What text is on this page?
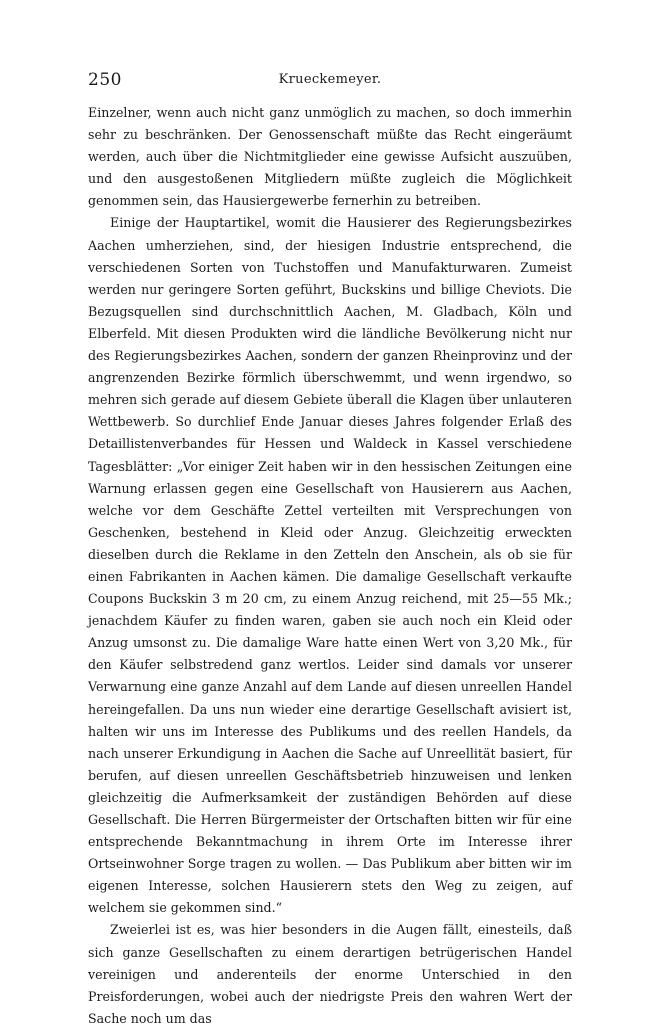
250	Krueckemeyer.

Einzelner, wenn auch nicht ganz unmöglich zu machen, so doch immerhin sehr zu beschränken. Der Genossenschaft müßte das Recht eingeräumt werden, auch über die Nichtmitglieder eine gewisse Aufsicht auszuüben, und den ausgestoßenen Mitgliedern müßte zugleich die Möglichkeit genommen sein, das Hausiergewerbe fernerhin zu betreiben.

Einige der Hauptartikel, womit die Hausierer des Regierungsbezirkes Aachen umherziehen, sind, der hiesigen Industrie entsprechend, die verschiedenen Sorten von Tuchstoffen und Manufakturwaren. Zumeist werden nur geringere Sorten geführt, Buckskins und billige Cheviots. Die Bezugsquellen sind durchschnittlich Aachen, M. Gladbach, Köln und Elberfeld. Mit diesen Produkten wird die ländliche Bevölkerung nicht nur des Regierungsbezirkes Aachen, sondern der ganzen Rheinprovinz und der angrenzenden Bezirke förmlich überschwemmt, und wenn irgendwo, so mehren sich gerade auf diesem Gebiete überall die Klagen über unlauteren Wettbewerb. So durchlief Ende Januar dieses Jahres folgender Erlaß des Detaillistenverbandes für Hessen und Waldeck in Kassel verschiedene Tagesblätter: „Vor einiger Zeit haben wir in den hessischen Zeitungen eine Warnung erlassen gegen eine Gesellschaft von Hausierern aus Aachen, welche vor dem Geschäfte Zettel verteilten mit Versprechungen von Geschenken, bestehend in Kleid oder Anzug. Gleichzeitig erweckten dieselben durch die Reklame in den Zetteln den Anschein, als ob sie für einen Fabrikanten in Aachen kämen. Die damalige Gesellschaft verkaufte Coupons Buckskin 3 m 20 cm, zu einem Anzug reichend, mit 25—55 Mk.; jenachdem Käufer zu finden waren, gaben sie auch noch ein Kleid oder Anzug umsonst zu. Die damalige Ware hatte einen Wert von 3,20 Mk., für den Käufer selbstredend ganz wertlos. Leider sind damals vor unserer Verwarnung eine ganze Anzahl auf dem Lande auf diesen unreellen Handel hereingefallen. Da uns nun wieder eine derartige Gesellschaft avisiert ist, halten wir uns im Interesse des Publikums und des reellen Handels, da nach unserer Erkundigung in Aachen die Sache auf Unreellität basiert, für berufen, auf diesen unreellen Geschäftsbetrieb hinzuweisen und lenken gleichzeitig die Aufmerksamkeit der zuständigen Behörden auf diese Gesellschaft. Die Herren Bürgermeister der Ortschaften bitten wir für eine entsprechende Bekanntmachung in ihrem Orte im Interesse ihrer Ortseinwohner Sorge tragen zu wollen. — Das Publikum aber bitten wir im eigenen Interesse, solchen Hausierern stets den Weg zu zeigen, auf welchem sie gekommen sind.“

Zweierlei ist es, was hier besonders in die Augen fällt, einesteils, daß sich ganze Gesellschaften zu einem derartigen betrügerischen Handel vereinigen und anderenteils der enorme Unterschied in den Preisforderungen, wobei auch der niedrigste Preis den wahren Wert der Sache noch um das
